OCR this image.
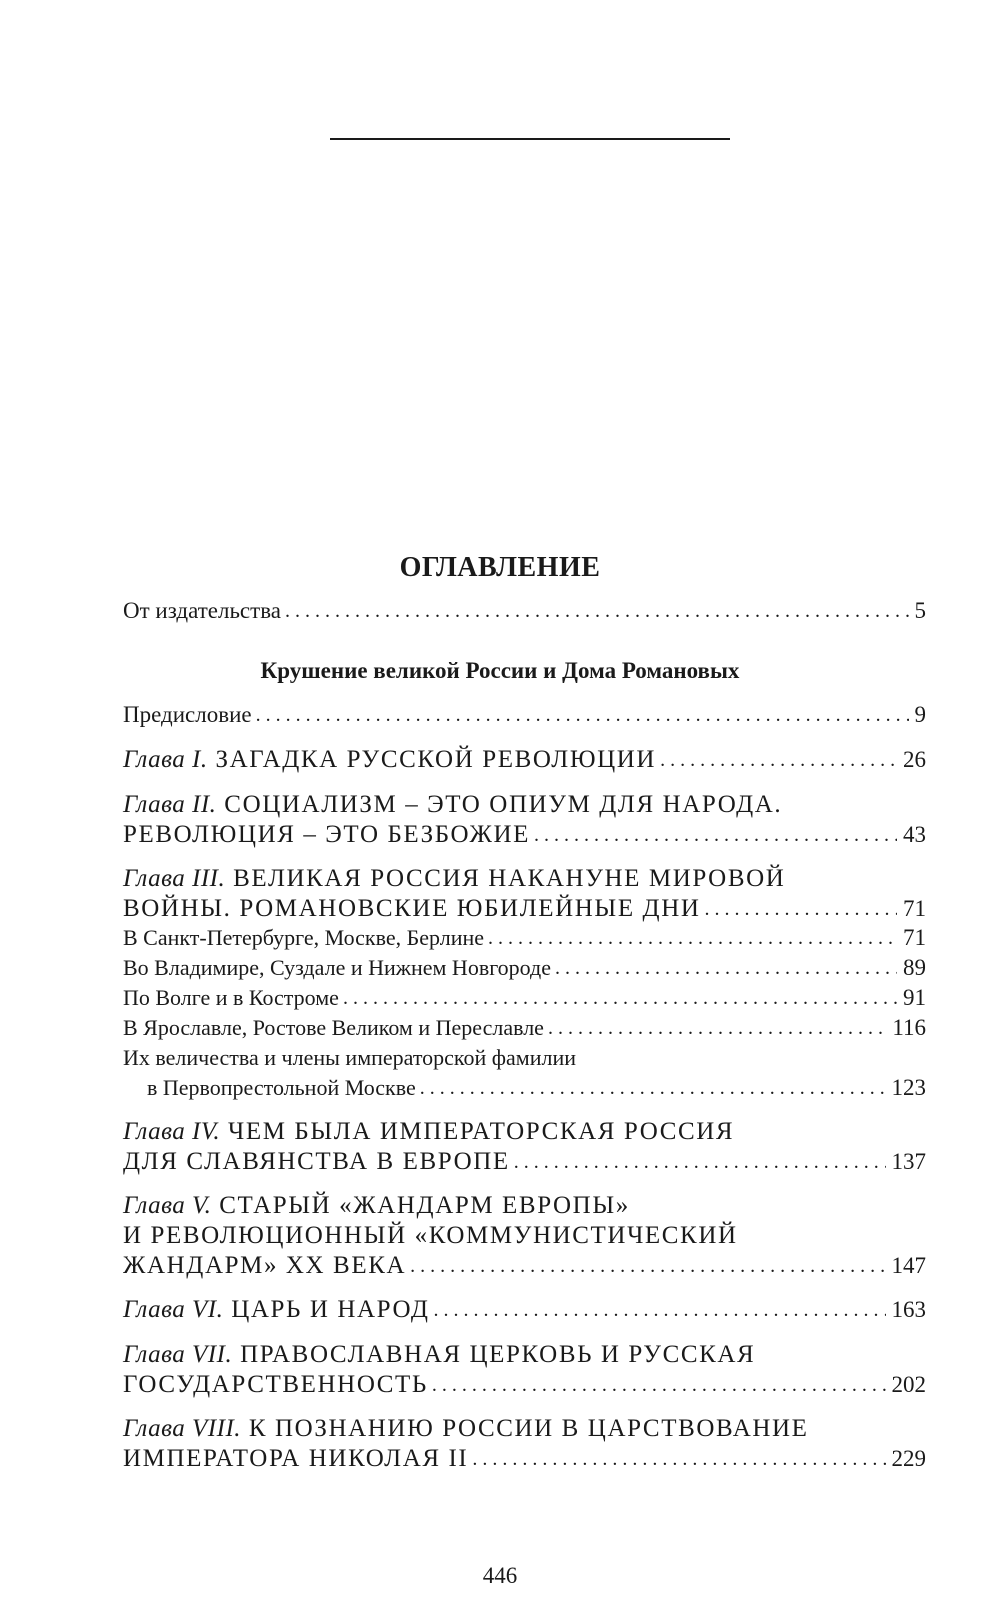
ОГЛАВЛЕНИЕ
Крушение великой России и Дома Романовых
От издательства . . .	5
Предисловие . . .	9
Глава I. ЗАГАДКА РУССКОЙ РЕВОЛЮЦИИ . . .	26
Глава II. СОЦИАЛИЗМ – ЭТО ОПИУМ ДЛЯ НАРОДА.
РЕВОЛЮЦИЯ – ЭТО БЕЗБОЖИЕ . . .	43
Глава III. ВЕЛИКАЯ РОССИЯ НАКАНУНЕ МИРОВОЙ
ВОЙНЫ. РОМАНОВСКИЕ ЮБИЛЕЙНЫЕ ДНИ . . .	71
В Санкт-Петербурге, Москве, Берлине . . .	71
Во Владимире, Суздале и Нижнем Новгороде . . .	89
По Волге и в Костроме . . .	91
В Ярославле, Ростове Великом и Переславле . . .	116
Их величества и члены императорской фамилии
в Первопрестольной Москве . . .	123
Глава IV. ЧЕМ БЫЛА ИМПЕРАТОРСКАЯ РОССИЯ
ДЛЯ СЛАВЯНСТВА В ЕВРОПЕ . . .	137
Глава V. СТАРЫЙ «ЖАНДАРМ ЕВРОПЫ»
И РЕВОЛЮЦИОННЫЙ «КОММУНИСТИЧЕСКИЙ
ЖАНДАРМ» XX ВЕКА . . .	147
Глава VI. ЦАРЬ И НАРОД . . .	163
Глава VII. ПРАВОСЛАВНАЯ ЦЕРКОВЬ И РУССКАЯ
ГОСУДАРСТВЕННОСТЬ . . .	202
Глава VIII. К ПОЗНАНИЮ РОССИИ В ЦАРСТВОВАНИЕ
ИМПЕРАТОРА НИКОЛАЯ II . . .	229
446
